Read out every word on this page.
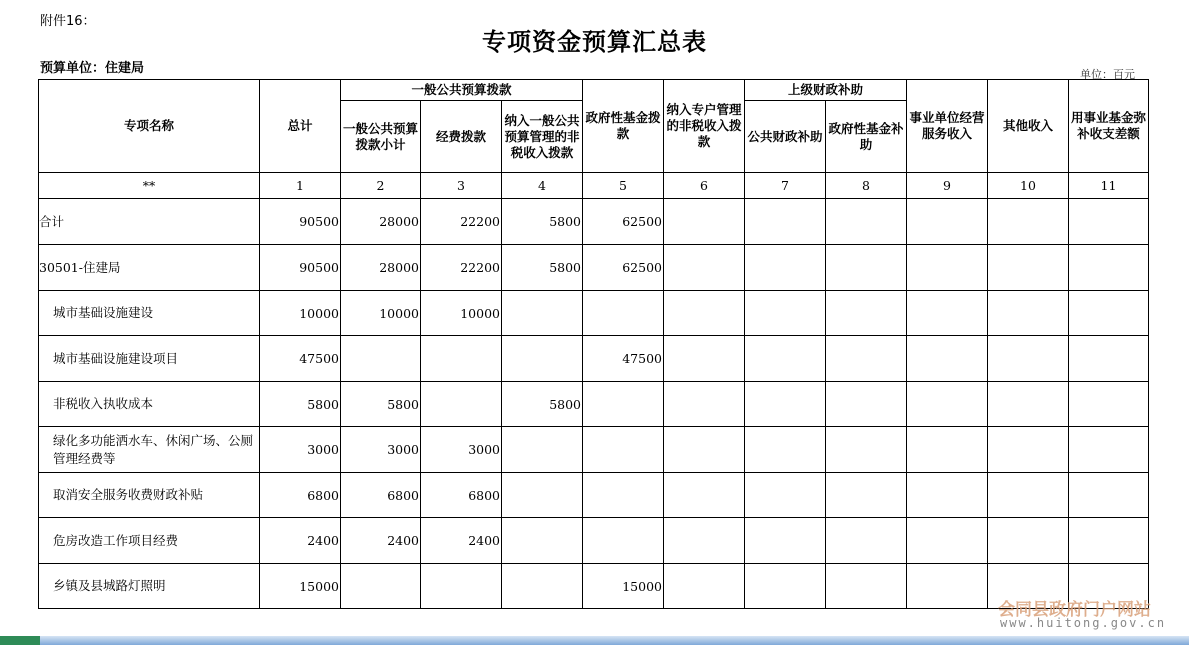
附件16：
专项资金预算汇总表
预算单位：住建局	单位：百元
专项名称	总计	一般公共预算拨款			政府性基金拨款	纳入专户管理的非税收入拨款	上级财政补助		事业单位经营服务收入	其他收入	用事业基金弥补收支差额
		一般公共预算拨款小计	经费拨款	纳入一般公共预算管理的非税收入拨款			公共财政补助	政府性基金补助			
**	1	2	3	4	5	6	7	8	9	10	11
合计	90500	28000	22200	5800	62500						
30501-住建局	90500	28000	22200	5800	62500						
城市基础设施建设	10000	10000	10000								
城市基础设施建设项目	47500				47500						
非税收入执收成本	5800	5800		5800							
绿化多功能洒水车、休闲广场、公厕管理经费等	3000	3000	3000								
取消安全服务收费财政补贴	6800	6800	6800								
危房改造工作项目经费	2400	2400	2400								
乡镇及县城路灯照明	15000				15000						
会同县政府门户网站
www.huitong.gov.cn
